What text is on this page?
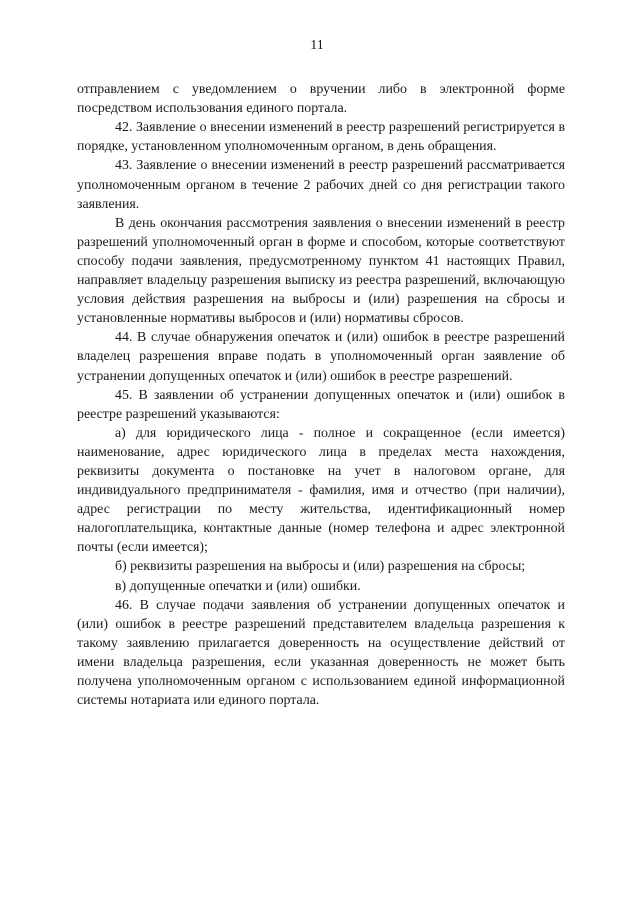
11

отправлением с уведомлением о вручении либо в электронной форме посредством использования единого портала.

42. Заявление о внесении изменений в реестр разрешений регистрируется в порядке, установленном уполномоченным органом, в день обращения.

43. Заявление о внесении изменений в реестр разрешений рассматривается уполномоченным органом в течение 2 рабочих дней со дня регистрации такого заявления.

В день окончания рассмотрения заявления о внесении изменений в реестр разрешений уполномоченный орган в форме и способом, которые соответствуют способу подачи заявления, предусмотренному пунктом 41 настоящих Правил, направляет владельцу разрешения выписку из реестра разрешений, включающую условия действия разрешения на выбросы и (или) разрешения на сбросы и установленные нормативы выбросов и (или) нормативы сбросов.

44. В случае обнаружения опечаток и (или) ошибок в реестре разрешений владелец разрешения вправе подать в уполномоченный орган заявление об устранении допущенных опечаток и (или) ошибок в реестре разрешений.

45. В заявлении об устранении допущенных опечаток и (или) ошибок в реестре разрешений указываются:

а) для юридического лица - полное и сокращенное (если имеется) наименование, адрес юридического лица в пределах места нахождения, реквизиты документа о постановке на учет в налоговом органе, для индивидуального предпринимателя - фамилия, имя и отчество (при наличии), адрес регистрации по месту жительства, идентификационный номер налогоплательщика, контактные данные (номер телефона и адрес электронной почты (если имеется);

б) реквизиты разрешения на выбросы и (или) разрешения на сбросы;

в) допущенные опечатки и (или) ошибки.

46. В случае подачи заявления об устранении допущенных опечаток и (или) ошибок в реестре разрешений представителем владельца разрешения к такому заявлению прилагается доверенность на осуществление действий от имени владельца разрешения, если указанная доверенность не может быть получена уполномоченным органом с использованием единой информационной системы нотариата или единого портала.
